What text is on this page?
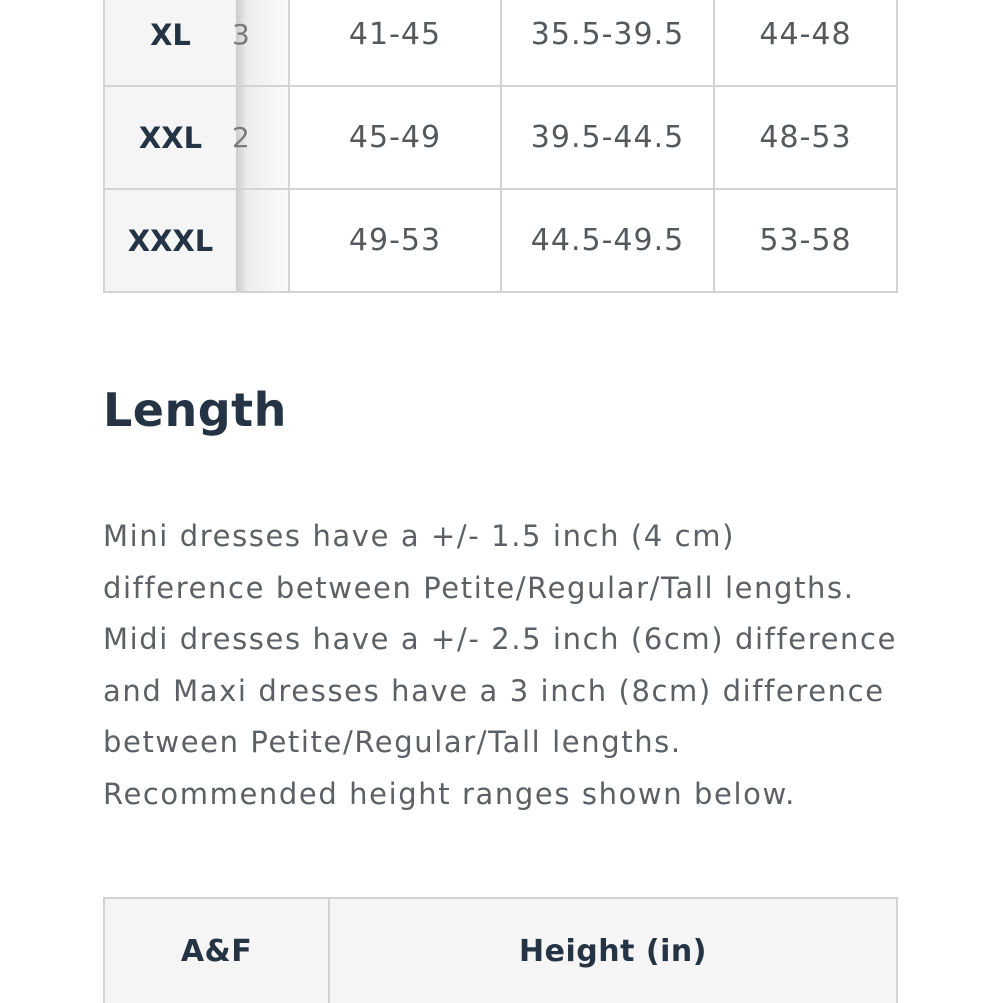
XL	3	41-45	35.5-39.5	44-48
XXL	2	45-49	39.5-44.5	48-53
XXXL		49-53	44.5-49.5	53-58
Length

Mini dresses have a +/- 1.5 inch (4 cm)
difference between Petite/Regular/Tall lengths.
Midi dresses have a +/- 2.5 inch (6cm) difference
and Maxi dresses have a 3 inch (8cm) difference
between Petite/Regular/Tall lengths.
Recommended height ranges shown below.

A&F	Height (in)
